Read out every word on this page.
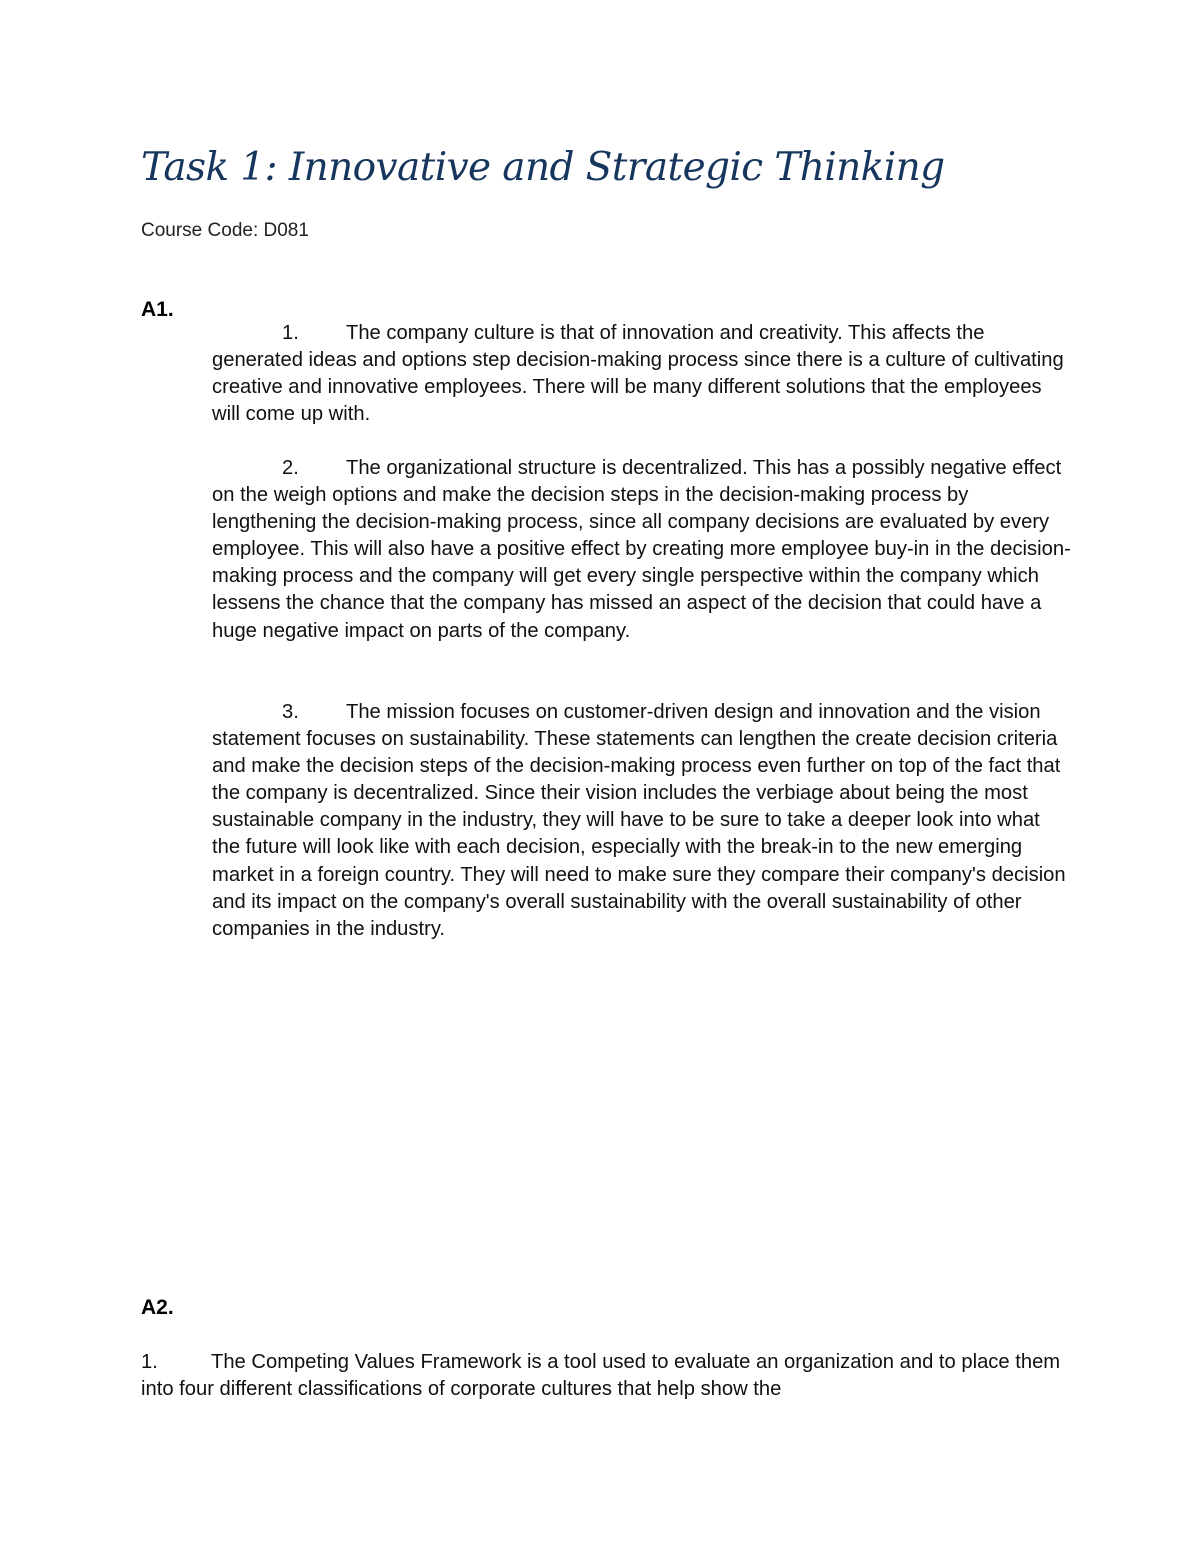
Task 1: Innovative and Strategic Thinking
Course Code: D081
A1.

1. The company culture is that of innovation and creativity. This affects the generated ideas and options step decision-making process since there is a culture of cultivating creative and innovative employees. There will be many different solutions that the employees will come up with.

2. The organizational structure is decentralized. This has a possibly negative effect on the weigh options and make the decision steps in the decision-making process by lengthening the decision-making process, since all company decisions are evaluated by every employee. This will also have a positive effect by creating more employee buy-in in the decision-making process and the company will get every single perspective within the company which lessens the chance that the company has missed an aspect of the decision that could have a huge negative impact on parts of the company.

3. The mission focuses on customer-driven design and innovation and the vision statement focuses on sustainability. These statements can lengthen the create decision criteria and make the decision steps of the decision-making process even further on top of the fact that the company is decentralized. Since their vision includes the verbiage about being the most sustainable company in the industry, they will have to be sure to take a deeper look into what the future will look like with each decision, especially with the break-in to the new emerging market in a foreign country. They will need to make sure they compare their company's decision and its impact on the company's overall sustainability with the overall sustainability of other companies in the industry.

A2.

1.	The Competing Values Framework is a tool used to evaluate an organization and to place them into four different classifications of corporate cultures that help show the
